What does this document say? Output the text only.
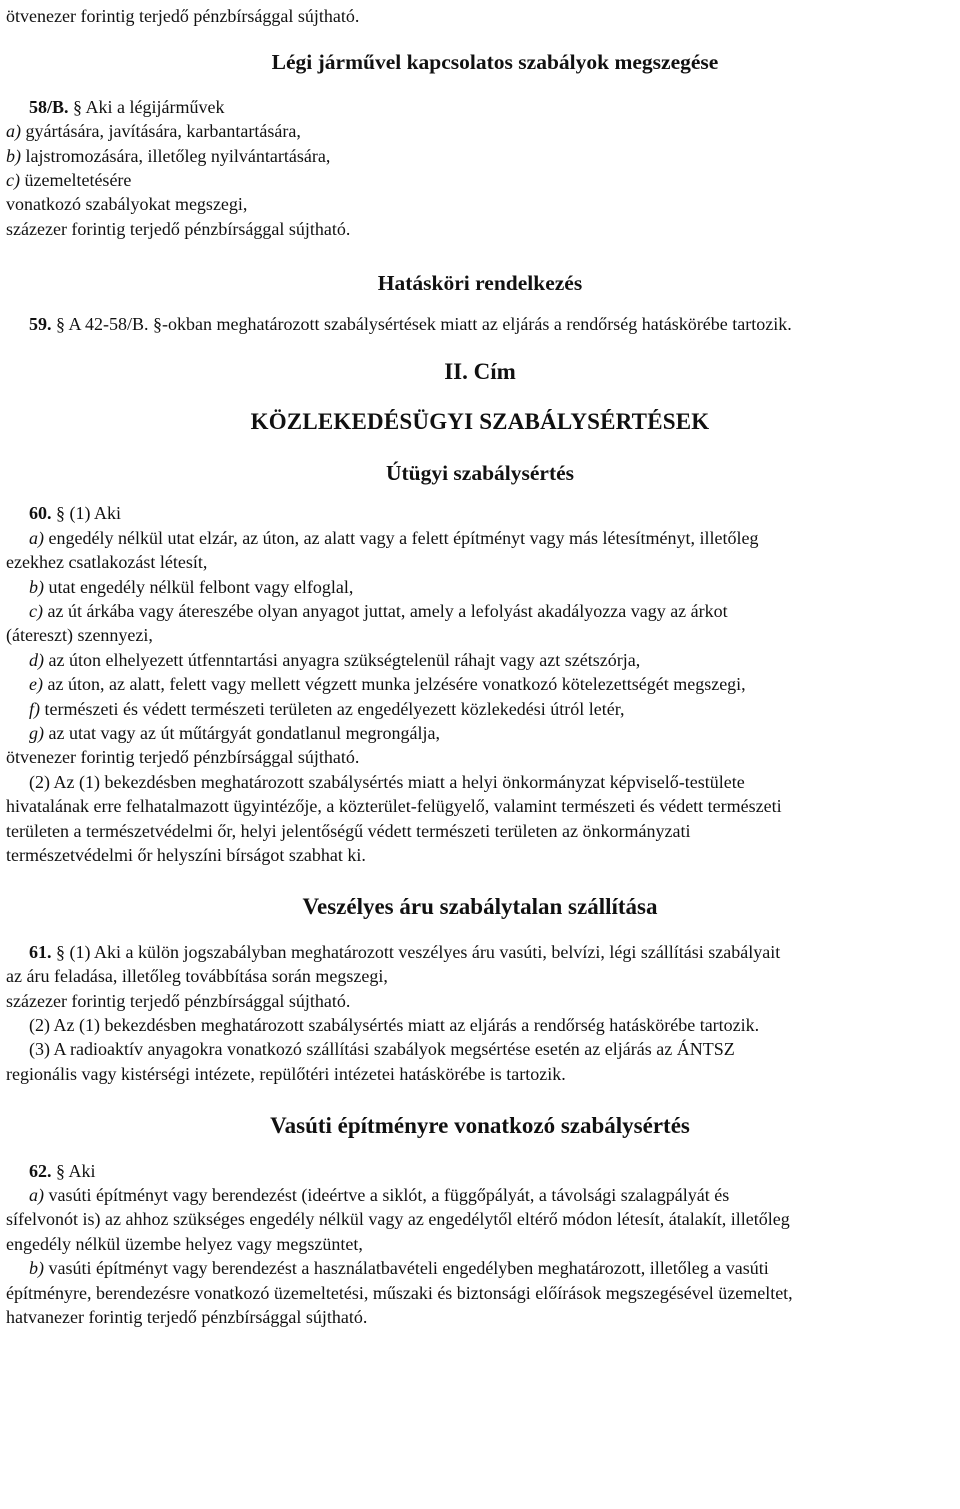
ötvenezer forintig terjedő pénzbírsággal sújtható.
Légi járművel kapcsolatos szabályok megszegése
58/B. § Aki a légijárművek
a) gyártására, javítására, karbantartására,
b) lajstromozására, illetőleg nyilvántartására,
c) üzemeltetésére
vonatkozó szabályokat megszegi,
százezer forintig terjedő pénzbírsággal sújtható.
Hatásköri rendelkezés
59. § A 42-58/B. §-okban meghatározott szabálysértések miatt az eljárás a rendőrség hatáskörébe tartozik.
II. Cím
KÖZLEKEDÉSÜGYI SZABÁLYSÉRTÉSEK
Útügyi szabálysértés
60. § (1) Aki
a) engedély nélkül utat elzár, az úton, az alatt vagy a felett építményt vagy más létesítményt, illetőleg
ezekhez csatlakozást létesít,
b) utat engedély nélkül felbont vagy elfoglal,
c) az út árkába vagy áteresz​ébe olyan anyagot juttat, amely a lefolyást akadályozza vagy az árkot
(áteresz​t) szennyezi,
d) az úton elhelyezett útfenntartási anyagra szükségtelenül ráhajt vagy azt szétszórja,
e) az úton, az alatt, felett vagy mellett végzett munka jelzésére vonatkozó kötelezettségét megszegi,
f) természeti és védett természeti területen az engedélyezett közlekedési útról letér,
g) az utat vagy az út műtárgyát gondatlanul megrongálja,
ötvenezer forintig terjedő pénzbírsággal sújtható.
(2) Az (1) bekezdésben meghatározott szabálysértés miatt a helyi önkormányzat képviselő-testülete
hivatalának erre felhatalmazott ügyintézője, a közterület-felügyelő, valamint természeti és védett természeti
területen a természetvédelmi őr, helyi jelentőségű védett természeti területen az önkormányzati
természetvédelmi őr helyszíni bírságot szabhat ki.
Veszélyes áru szabálytalan szállítása
61. § (1) Aki a külön jogszabályban meghatározott veszélyes áru vasúti, belvízi, légi szállítási szabályait
az áru feladása, illetőleg továbbítása során megszegi,
százezer forintig terjedő pénzbírsággal sújtható.
(2) Az (1) bekezdésben meghatározott szabálysértés miatt az eljárás a rendőrség hatáskörébe tartozik.
(3) A radioaktív anyagokra vonatkozó szállítási szabályok megsértése esetén az eljárás az ÁNTSZ
regionális vagy kistérségi intézete, repülőtéri intézetei hatáskörébe is tartozik.
Vasúti építményre vonatkozó szabálysértés
62. § Aki
a) vasúti építményt vagy berendezést (ideértve a siklót, a függőpályát, a távolsági szalagpályát és
sífelvonót is) az ahhoz szükséges engedély nélkül vagy az engedélytől eltérő módon létesít, átalakít, illetőleg
engedély nélkül üzembe helyez vagy megszüntet,
b) vasúti építményt vagy berendezést a használatbavételi engedélyben meghatározott, illetőleg a vasúti
építményre, berendezésre vonatkozó üzemeltetési, műszaki és biztonsági előírások megszegésével üzemeltet,
hatvanezer forintig terjedő pénzbírsággal sújtható.
